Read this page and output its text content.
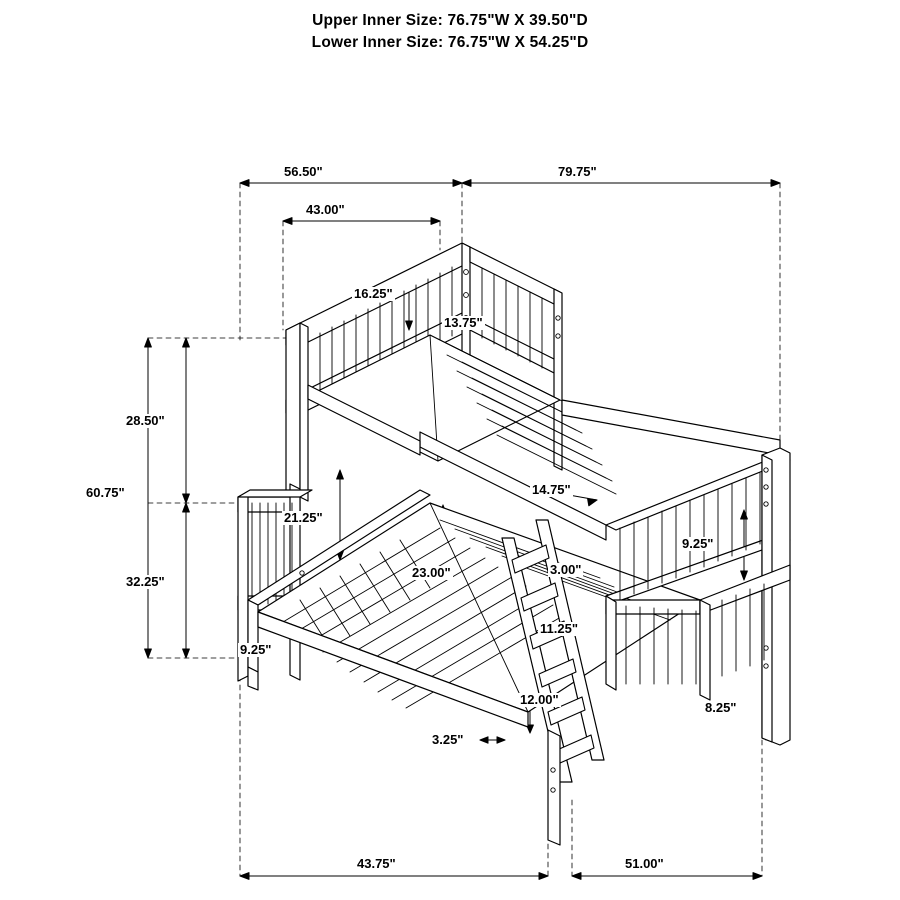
Upper Inner Size: 76.75"W X 39.50"D
Lower Inner Size: 76.75"W X 54.25"D
56.50"	79.75"
43.00"
16.25"
13.75"
28.50"
60.75"
21.25"
14.75"
9.25"
32.25"
23.00"	3.00"
11.25"
9.25"
12.00"
8.25"
3.25"
43.75"	51.00"
